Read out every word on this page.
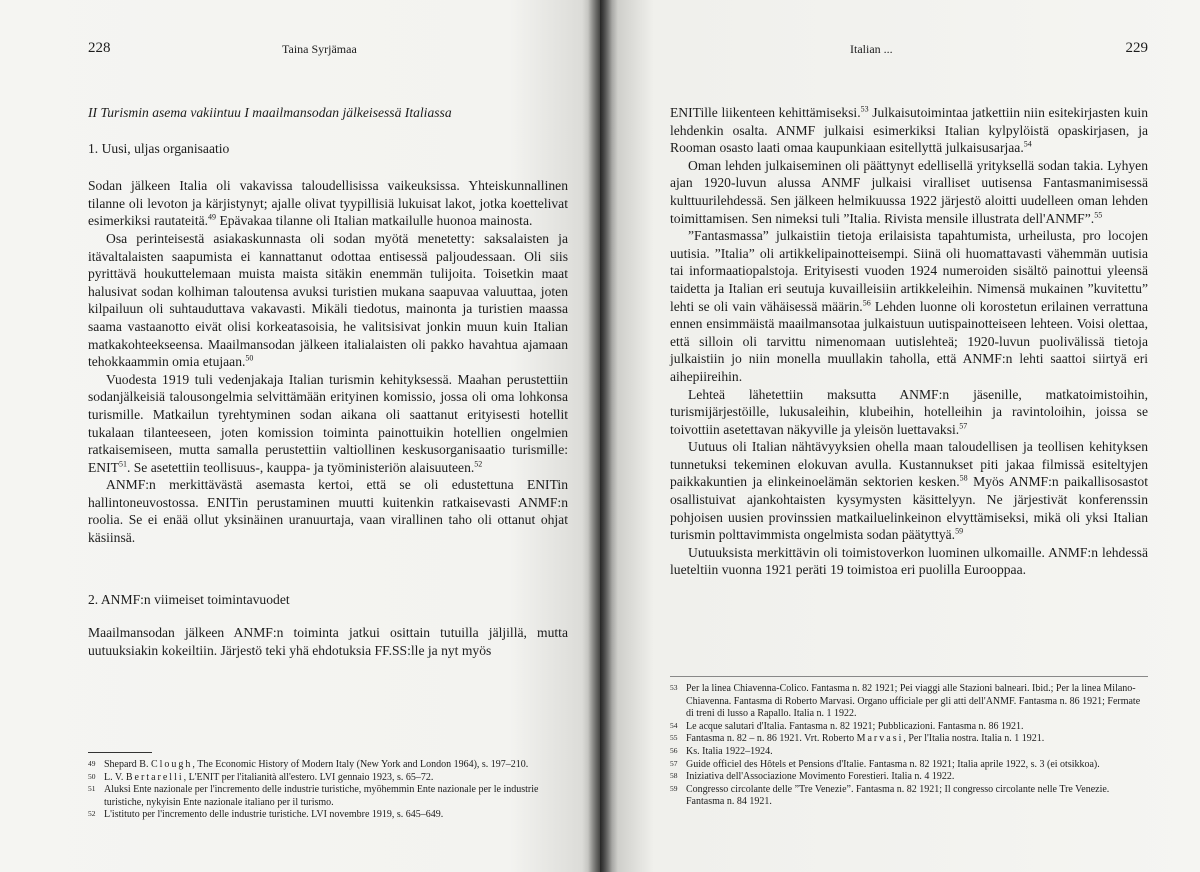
228	Taina Syrjämaa
II Turismin asema vakiintuu I maailmansodan jälkeisessä Italiassa
1. Uusi, uljas organisaatio

Sodan jälkeen Italia oli vakavissa taloudellisissa vaikeuksissa. Yhteiskunnallinen tilanne oli levoton ja kärjistynyt; ajalle olivat tyypillisiä lukuisat lakot, jotka koettelivat esimerkiksi rautateitä.$^{49}$ Epävakaa tilanne oli Italian matkailulle huonoa mainosta.

Osa perinteisestä asiakaskunnasta oli sodan myötä menetetty: saksalaisten ja itävaltalaisten saapumista ei kannattanut odottaa entisessä paljoudessaan. Oli siis pyrittävä houkuttelemaan muista maista sitäkin enemmän tulijoita. Toisetkin maat halusivat sodan kolhiman taloutensa avuksi turistien mukana saapuvaa valuuttaa, joten kilpailuun oli suhtauduttava vakavasti. Mikäli tiedotus, mainonta ja turistien maassa saama vastaanotto eivät olisi korkeatasoisia, he valitsisivat jonkin muun kuin Italian matkakohteekseensa. Maailmansodan jälkeen italialaisten oli pakko havahtua ajamaan tehokkaammin omia etujaan.$^{50}$

Vuodesta 1919 tuli vedenjakaja Italian turismin kehityksessä. Maahan perustettiin sodanjälkeisiä talousongelmia selvittämään erityinen komissio, jossa oli oma lohkonsa turismille. Matkailun tyrehtyminen sodan aikana oli saattanut erityisesti hotellit tukalaan tilanteeseen, joten komission toiminta painottuikin hotellien ongelmien ratkaisemiseen, mutta samalla perustettiin valtiollinen keskusorganisaatio turismille: ENIT$^{51}$. Se asetettiin teollisuus-, kauppa- ja työministeriön alaisuuteen.$^{52}$

ANMF:n merkittävästä asemasta kertoi, että se oli edustettuna ENITin hallintoneuvostossa. ENITin perustaminen muutti kuitenkin ratkaisevasti ANMF:n roolia. Se ei enää ollut yksinäinen uranuurtaja, vaan virallinen taho oli ottanut ohjat käsiinsä.

2. ANMF:n viimeiset toimintavuodet

Maailmansodan jälkeen ANMF:n toiminta jatkui osittain tutuilla jäljillä, mutta uutuuksiakin kokeiltiin. Järjestö teki yhä ehdotuksia FF.SS:lle ja nyt myös

49 Shepard B. Clough, The Economic History of Modern Italy (New York and London 1964), s. 197–210.
50 L. V. Bertarelli, L'ENIT per l'italianità all'estero. LVI gennaio 1923, s. 65–72.
51 Aluksi Ente nazionale per l'incremento delle industrie turistiche, myöhemmin Ente nazionale per le industrie turistiche, nykyisin Ente nazionale italiano per il turismo.
52 L'istituto per l'incremento delle industrie turistiche. LVI novembre 1919, s. 645–649.
Italian ...	229

ENITille liikenteen kehittämiseksi.$^{53}$ Julkaisutoimintaa jatkettiin niin esitekirjasten kuin lehdenkin osalta. ANMF julkaisi esimerkiksi Italian kylpylöistä opaskirjasen, ja Rooman osasto laati omaa kaupunkiaan esitellyttä julkaisusarjaa.$^{54}$

Oman lehden julkaiseminen oli päättynyt edellisellä yrityksellä sodan takia. Lyhyen ajan 1920-luvun alussa ANMF julkaisi viralliset uutisensa Fantasmanimisessä kulttuurilehdessä. Sen jälkeen helmikuussa 1922 järjestö aloitti uudelleen oman lehden toimittamisen. Sen nimeksi tuli ”Italia. Rivista mensile illustrata dell'ANMF”.$^{55}$

”Fantasmassa” julkaistiin tietoja erilaisista tapahtumista, urheilusta, pro locojen uutisia. ”Italia” oli artikkelipainotteisempi. Siinä oli huomattavasti vähemmän uutisia tai informaatiopalstoja. Erityisesti vuoden 1924 numeroiden sisältö painottui yleensä taidetta ja Italian eri seutuja kuvailleisiin artikkeleihin. Nimensä mukainen ”kuvitettu” lehti se oli vain vähäisessä määrin.$^{56}$ Lehden luonne oli korostetun erilainen verrattuna ennen ensimmäistä maailmansotaa julkaistuun uutispainotteiseen lehteen. Voisi olettaa, että silloin oli tarvittu nimenomaan uutislehteä; 1920-luvun puolivälissä tietoja julkaistiin jo niin monella muullakin taholla, että ANMF:n lehti saattoi siirtyä eri aihepiireihin.

Lehteä lähetettiin maksutta ANMF:n jäsenille, matkatoimistoihin, turismijärjestöille, lukusaleihin, klubeihin, hotelleihin ja ravintoloihin, joissa se toivottiin asetettavan näkyville ja yleisön luettavaksi.$^{57}$

Uutuus oli Italian nähtävyyksien ohella maan taloudellisen ja teollisen kehityksen tunnetuksi tekeminen elokuvan avulla. Kustannukset piti jakaa filmissä esiteltyjen paikkakuntien ja elinkeinoelämän sektorien kesken.$^{58}$ Myös ANMF:n paikallisosastot osallistuivat ajankohtaisten kysymysten käsittelyyn. Ne järjestivät konferenssin pohjoisen uusien provinssien matkailuelinkeinon elvyttämiseksi, mikä oli yksi Italian turismin polttavimmista ongelmista sodan päätyttyä.$^{59}$

Uutuuksista merkittävin oli toimistoverkon luominen ulkomaille. ANMF:n lehdessä lueteltiin vuonna 1921 peräti 19 toimistoa eri puolilla Eurooppaa.

53 Per la linea Chiavenna-Colico. Fantasma n. 82 1921; Pei viaggi alle Stazioni balneari. Ibid.; Per la linea Milano-Chiavenna. Fantasma di Roberto Marvasi. Organo ufficiale per gli atti dell'ANMF. Fantasma n. 86 1921; Fermate di treni di lusso a Rapallo. Italia n. 1 1922.
54 Le acque salutari d'Italia. Fantasma n. 82 1921; Pubblicazioni. Fantasma n. 86 1921.
55 Fantasma n. 82 – n. 86 1921. Vrt. Roberto Marvasi, Per l'Italia nostra. Italia n. 1 1921.
56 Ks. Italia 1922–1924.
57 Guide officiel des Hôtels et Pensions d'Italie. Fantasma n. 82 1921; Italia aprile 1922, s. 3 (ei otsikkoa).
58 Iniziativa dell'Associazione Movimento Forestieri. Italia n. 4 1922.
59 Congresso circolante delle ”Tre Venezie”. Fantasma n. 82 1921; Il congresso circolante nelle Tre Venezie. Fantasma n. 84 1921.
